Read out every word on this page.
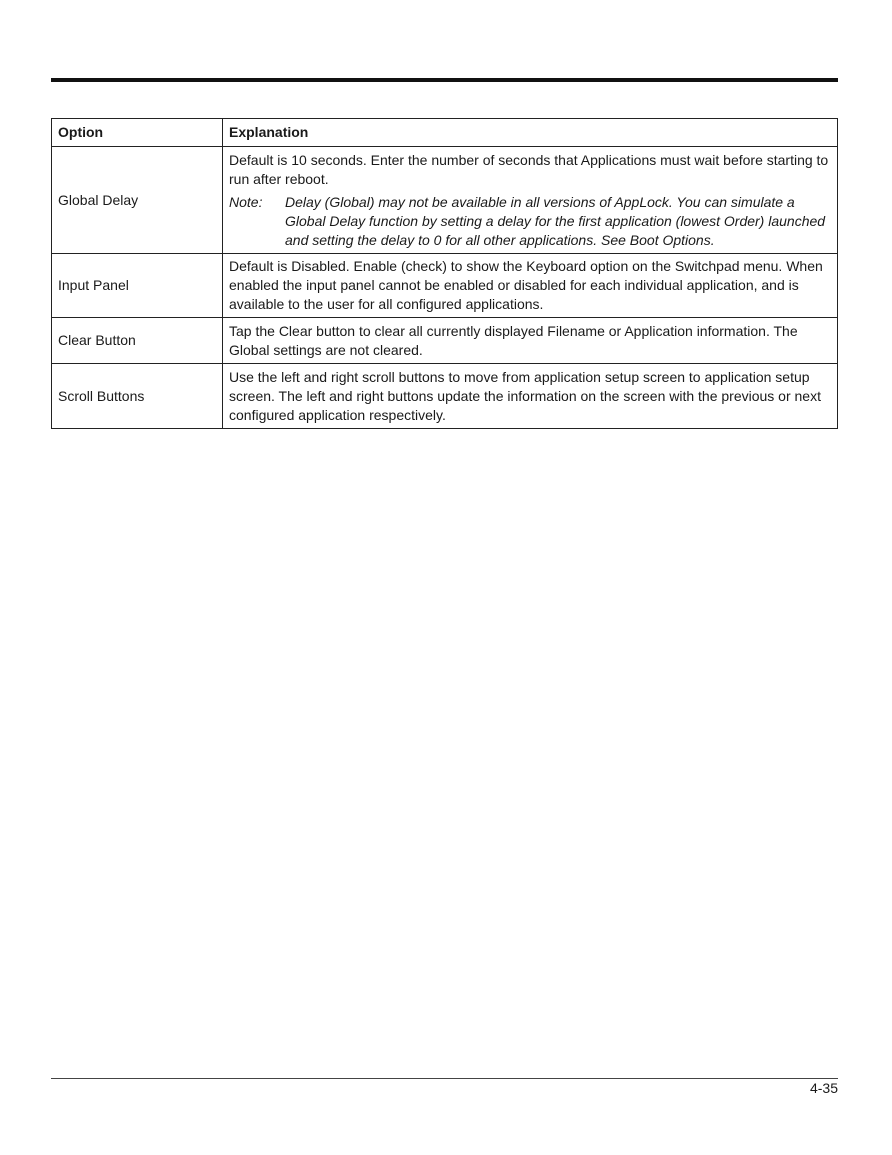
Option	Explanation
Global Delay	Default is 10 seconds. Enter the number of seconds that Applications must wait before starting to run after reboot.

Note: Delay (Global) may not be available in all versions of AppLock. You can simulate a Global Delay function by setting a delay for the first application (lowest Order) launched and setting the delay to 0 for all other applications. See Boot Options.

Input Panel	Default is Disabled. Enable (check) to show the Keyboard option on the Switchpad menu. When enabled the input panel cannot be enabled or disabled for each individual application, and is available to the user for all configured applications.
Clear Button	Tap the Clear button to clear all currently displayed Filename or Application information. The Global settings are not cleared.
Scroll Buttons	Use the left and right scroll buttons to move from application setup screen to application setup screen. The left and right buttons update the information on the screen with the previous or next configured application respectively.
4-35
